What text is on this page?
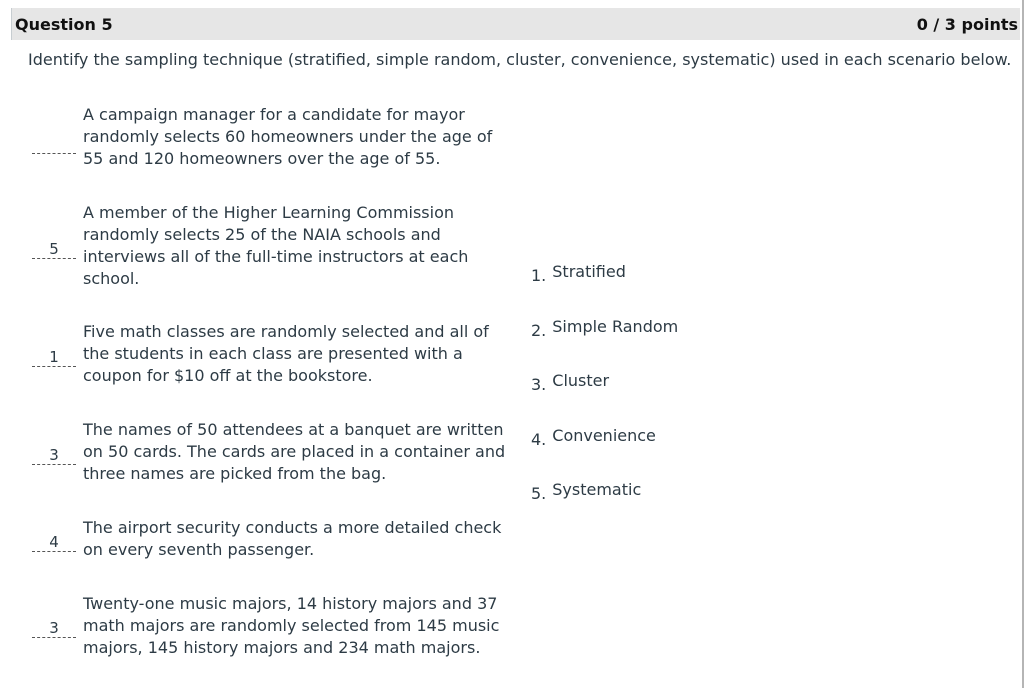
Question 5	0 / 3 points
Identify the sampling technique (stratified, simple random, cluster, convenience, systematic) used in each scenario below.
A campaign manager for a candidate for mayor randomly selects 60 homeowners under the age of 55 and 120 homeowners over the age of 55.
5
A member of the Higher Learning Commission randomly selects 25 of the NAIA schools and interviews all of the full-time instructors at each school.
1
Five math classes are randomly selected and all of the students in each class are presented with a coupon for $10 off at the bookstore.
3
The names of 50 attendees at a banquet are written on 50 cards. The cards are placed in a container and three names are picked from the bag.
4
The airport security conducts a more detailed check on every seventh passenger.
3
Twenty-one music majors, 14 history majors and 37 math majors are randomly selected from 145 music majors, 145 history majors and 234 math majors.
1. Stratified
2. Simple Random
3. Cluster
4. Convenience
5. Systematic
